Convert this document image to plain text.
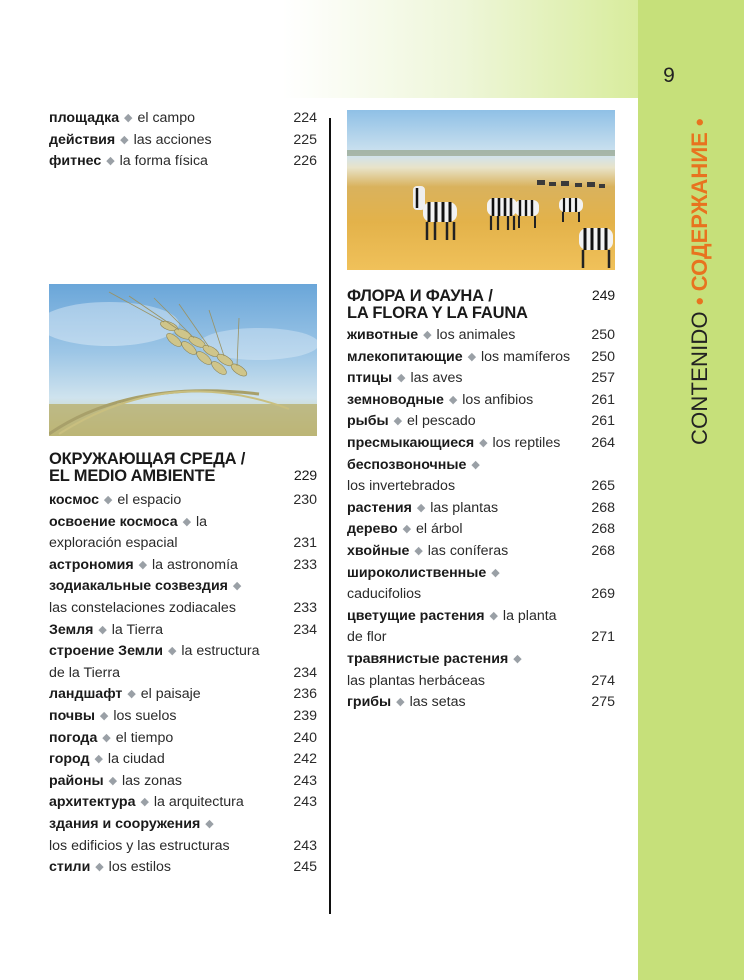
9
CONTENIDO • СОДЕРЖАНИЕ •
площадка ◆ el campo	224
действия ◆ las acciones	225
фитнес ◆ la forma física	226
ОКРУЖАЮЩАЯ СРЕДА /
EL MEDIO AMBIENTE	229
космос ◆ el espacio	230
освоение космоса ◆ la exploración espacial	231
астрономия ◆ la astronomía	233
зодиакальные созвездия ◆
las constelaciones zodiacales	233
Земля ◆ la Tierra	234
строение Земли ◆ la estructura de la Tierra	234
ландшафт ◆ el paisaje	236
почвы ◆ los suelos	239
погода ◆ el tiempo	240
город ◆ la ciudad	242
районы ◆ las zonas	243
архитектура ◆ la arquitectura	243
здания и сооружения ◆
los edificios y las estructuras	243
стили ◆ los estilos	245
ФЛОРА И ФАУНА /
LA FLORA Y LA FAUNA
249
животные ◆ los animales	250
млекопитающие ◆ los mamíferos 250
птицы ◆ las aves	257
земноводные ◆ los anfibios	261
рыбы ◆ el pescado	261
пресмыкающиеся ◆ los reptiles 264
беспозвоночные ◆
los invertebrados	265
растения ◆ las plantas	268
дерево ◆ el árbol	268
хвойные ◆ las coníferas	268
широколиственные ◆
caducifolios	269
цветущие растения ◆ la planta de flor	271
травянистые растения ◆
las plantas herbáceas	274
грибы ◆ las setas	275
